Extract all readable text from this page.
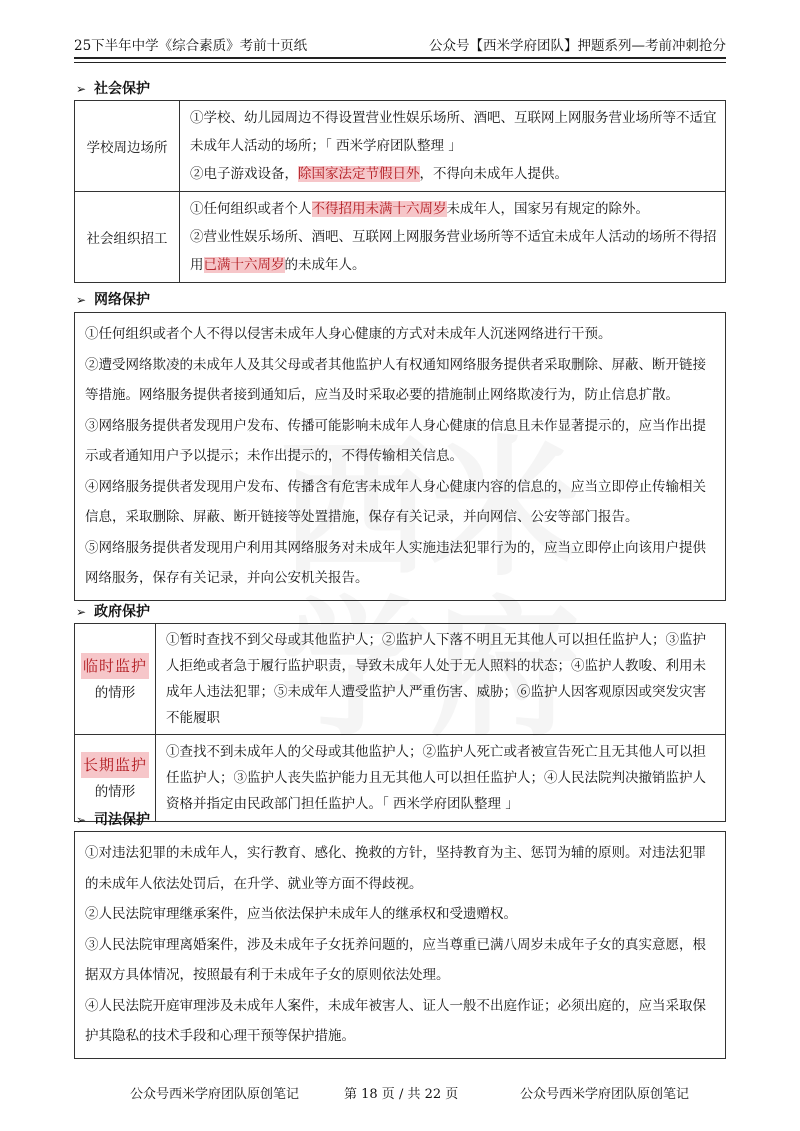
25下半年中学《综合素质》考前十页纸	公众号【西米学府团队】押题系列—考前冲刺抢分
➢ 社会保护
学校周边场所	①学校、幼儿园周边不得设置营业性娱乐场所、酒吧、互联网上网服务营业场所等不适宜未成年人活动的场所；「 西米学府团队整理 」
②电子游戏设备，除国家法定节假日外，不得向未成年人提供。

社会组织招工	①任何组织或者个人不得招用未满十六周岁未成年人，国家另有规定的除外。
②营业性娱乐场所、酒吧、互联网上网服务营业场所等不适宜未成年人活动的场所不得招用已满十六周岁的未成年人。
➢ 网络保护

①任何组织或者个人不得以侵害未成年人身心健康的方式对未成年人沉迷网络进行干预。

②遭受网络欺凌的未成年人及其父母或者其他监护人有权通知网络服务提供者采取删除、屏蔽、断开链接等措施。网络服务提供者接到通知后，应当及时采取必要的措施制止网络欺凌行为，防止信息扩散。

③网络服务提供者发现用户发布、传播可能影响未成年人身心健康的信息且未作显著提示的，应当作出提示或者通知用户予以提示；未作出提示的，不得传输相关信息。

④网络服务提供者发现用户发布、传播含有危害未成年人身心健康内容的信息的，应当立即停止传输相关信息，采取删除、屏蔽、断开链接等处置措施，保存有关记录，并向网信、公安等部门报告。

⑤网络服务提供者发现用户利用其网络服务对未成年人实施违法犯罪行为的，应当立即停止向该用户提供网络服务，保存有关记录，并向公安机关报告。

➢ 政府保护
临时监护
的情形	①暂时查找不到父母或其他监护人；②监护人下落不明且无其他人可以担任监护人；③监护人拒绝或者急于履行监护职责，导致未成年人处于无人照料的状态；④监护人教唆、利用未成年人违法犯罪；⑤未成年人遭受监护人严重伤害、威胁；⑥监护人因客观原因或突发灾害不能履职
长期监护
的情形	①查找不到未成年人的父母或其他监护人；②监护人死亡或者被宣告死亡且无其他人可以担任监护人；③监护人丧失监护能力且无其他人可以担任监护人；④人民法院判决撤销监护人资格并指定由民政部门担任监护人。「 西米学府团队整理 」
➢ 司法保护

①对违法犯罪的未成年人，实行教育、感化、挽救的方针，坚持教育为主、惩罚为辅的原则。对违法犯罪的未成年人依法处罚后，在升学、就业等方面不得歧视。

②人民法院审理继承案件，应当依法保护未成年人的继承权和受遗赠权。

③人民法院审理离婚案件，涉及未成年子女抚养问题的，应当尊重已满八周岁未成年子女的真实意愿，根据双方具体情况，按照最有利于未成年子女的原则依法处理。

④人民法院开庭审理涉及未成年人案件，未成年被害人、证人一般不出庭作证；必须出庭的，应当采取保护其隐私的技术手段和心理干预等保护措施。

公众号西米学府团队原创笔记	第 18 页 / 共 22 页	公众号西米学府团队原创笔记
